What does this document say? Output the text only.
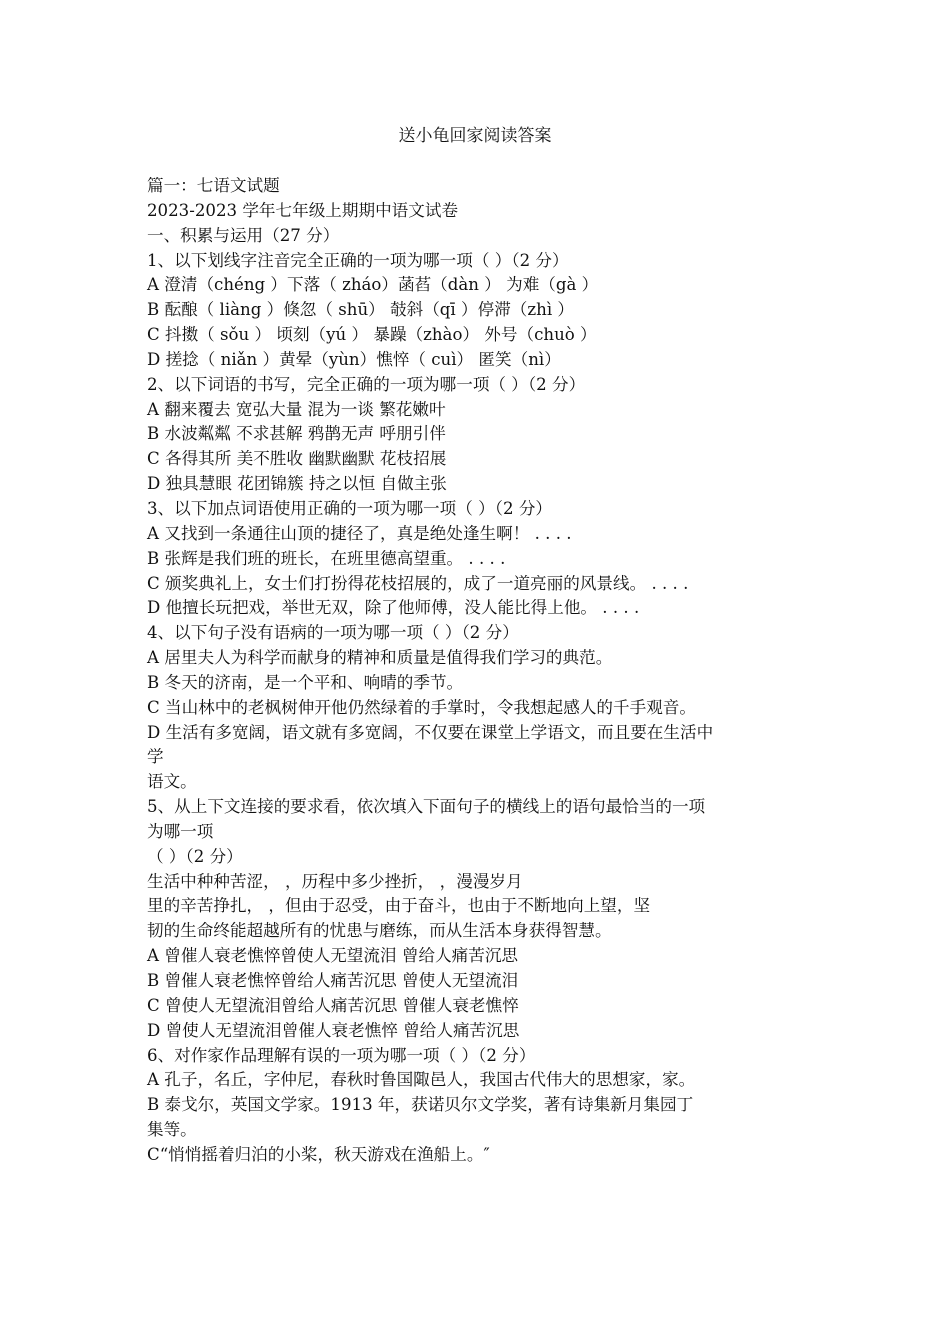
送小龟回家阅读答案
篇一：七语文试题
2023-2023 学年七年级上期期中语文试卷
一、积累与运用（27 分）
1、以下划线字注音完全正确的一项为哪一项（ ）（2 分）
A 澄清（chéng ）下落（ zháo）菡萏（dàn ） 为难（gà ）
B 酝酿（ liàng ）倏忽（ shū） 攲斜（qī ）停滞（zhì ）
C 抖擞（ sǒu ） 顷刻（yú ） 暴躁（zhào） 外号（chuò ）
D 搓捻（ niǎn ）黄晕（yùn）憔悴（ cuì） 匿笑（nì）
2、以下词语的书写，完全正确的一项为哪一项（ ）（2 分）
A 翻来覆去 宽弘大量 混为一谈 繁花嫩叶
B 水波粼粼 不求甚解 鸦鹊无声 呼朋引伴
C 各得其所 美不胜收 幽默幽默 花枝招展
D 独具慧眼 花团锦簇 持之以恒 自做主张
3、以下加点词语使用正确的一项为哪一项（ ）（2 分）
A 又找到一条通往山顶的捷径了，真是绝处逢生啊！ . . . .
B 张辉是我们班的班长，在班里德高望重。 . . . .
C 颁奖典礼上，女士们打扮得花枝招展的，成了一道亮丽的风景线。 . . . .
D 他擅长玩把戏，举世无双，除了他师傅，没人能比得上他。 . . . .
4、以下句子没有语病的一项为哪一项（ ）（2 分）
A 居里夫人为科学而献身的精神和质量是值得我们学习的典范。
B 冬天的济南，是一个平和、响晴的季节。
C 当山林中的老枫树伸开他仍然绿着的手掌时，令我想起感人的千手观音。
D 生活有多宽阔，语文就有多宽阔，不仅要在课堂上学语文，而且要在生活中
学
语文。
5、从上下文连接的要求看，依次填入下面句子的横线上的语句最恰当的一项
为哪一项
（ ）（2 分）
生活中种种苦涩， ，历程中多少挫折， ，漫漫岁月
里的辛苦挣扎， ，但由于忍受，由于奋斗，也由于不断地向上望，坚
韧的生命终能超越所有的忧患与磨练，而从生活本身获得智慧。
A 曾催人衰老憔悴曾使人无望流泪 曾给人痛苦沉思
B 曾催人衰老憔悴曾给人痛苦沉思 曾使人无望流泪
C 曾使人无望流泪曾给人痛苦沉思 曾催人衰老憔悴
D 曾使人无望流泪曾催人衰老憔悴 曾给人痛苦沉思
6、对作家作品理解有误的一项为哪一项（ ）（2 分）
A 孔子，名丘，字仲尼，春秋时鲁国陬邑人，我国古代伟大的思想家，家。
B 泰戈尔，英国文学家。1913 年，获诺贝尔文学奖，著有诗集新月集园丁
集等。
C“悄悄摇着归泊的小桨，秋天游戏在渔船上。″
